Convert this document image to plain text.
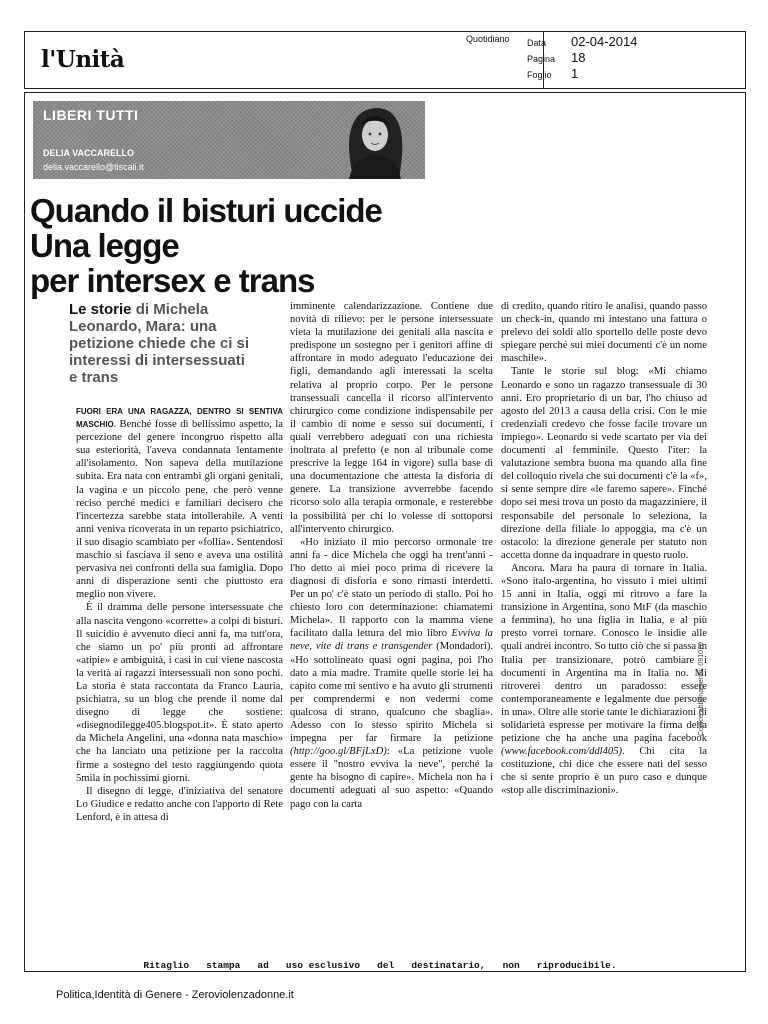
l'Unità
Quotidiano Data 02-04-2014
Pagina 18
Foglio 1
LIBERI TUTTI
DELIA VACCARELLO
delia.vaccarello@tiscali.it
Quando il bisturi uccide
Una legge
per intersex e trans
Le storie di Michela Leonardo, Mara: una petizione chiede che ci si interessi di intersessuati e trans

FUORI ERA UNA RAGAZZA, DENTRO SI SENTIVA MASCHIO. Benché fosse di bellissimo aspetto, la percezione del genere incongruo rispetto alla sua esteriorità, l'aveva condannata lentamente all'isolamento. Non sapeva della mutilazione subita. Era nata con entrambi gli organi genitali, la vagina e un piccolo pene, che però venne reciso perché medici e familiari decisero che l'incertezza sarebbe stata intollerabile. A venti anni veniva ricoverata in un reparto psichiatrico, il suo disagio scambiato per «follia». Sentendosi maschio si fasciava il seno e aveva una ostilità pervasiva nei confronti della sua famiglia. Dopo anni di disperazione sentì che piuttosto era meglio non vivere.

È il dramma delle persone intersessuate che alla nascita vengono «corrette» a colpi di bisturi. Il suicidio è avvenuto dieci anni fa, ma tutt'ora, che siamo un po' più pronti ad affrontare «atipie» e ambiguità, i casi in cui viene nascosta la verità ai ragazzi intersessuali non sono pochi. La storia è stata raccontata da Franco Lauria, psichiatra, su un blog che prende il nome dal disegno di legge che sostiene: «disegnodilegge405.blogspot.it». È stato aperto da Michela Angelini, una «donna nata maschio» che ha lanciato una petizione per la raccolta firme a sostegno del testo raggiungendo quota 5mila in pochissimi giorni.

Il disegno di legge, d'iniziativa del senatore Lo Giudice e redatto anche con l'apporto di Rete Lenford, è in attesa di

imminente calendarizzazione. Contiene due novità di rilievo: per le persone intersessuate vieta la mutilazione dei genitali alla nascita e predispone un sostegno per i genitori affine di affrontare in modo adeguato l'educazione dei figli, demandando agli interessati la scelta relativa al proprio corpo. Per le persone transessuali cancella il ricorso all'intervento chirurgico come condizione indispensabile per il cambio di nome e sesso sui documenti, i quali verrebbero adeguati con una richiesta inoltrata al prefetto (e non al tribunale come prescrive la legge 164 in vigore) sulla base di una documentazione che attesta la disforia di genere. La transizione avverrebbe facendo ricorso solo alla terapia ormonale, e resterebbe la possibilità per chi lo volesse di sottoporsi all'intervento chirurgico.

«Ho iniziato il mio percorso ormonale tre anni fa - dice Michela che oggi ha trent'anni - l'ho detto ai miei poco prima di ricevere la diagnosi di disforia e sono rimasti interdetti. Per un po' c'è stato un periodo di stallo. Poi ho chiesto loro con determinazione: chiamatemi Michela». Il rapporto con la mamma viene facilitato dalla lettura del mio libro Evviva la neve, vite di trans e transgender (Mondadori). «Ho sottolineato quasi ogni pagina, poi l'ho dato a mia madre. Tramite quelle storie lei ha capito come mi sentivo e ha avuto gli strumenti per comprendermi e non vedermi come qualcosa di strano, qualcuno che sbaglia». Adesso con lo stesso spirito Michela si impegna per far firmare la petizione (http://goo.gl/BFjLxD): «La petizione vuole essere il "nostro evviva la neve", perché la gente ha bisogno di capire». Michela non ha i documenti adeguati al suo aspetto: «Quando pago con la carta

di credito, quando ritiro le analisi, quando passo un check-in, quando mi intestano una fattura o prelevo dei soldi allo sportello delle poste devo spiegare perché sui miei documenti c'è un nome maschile».

Tante le storie sul blog: «Mi chiamo Leonardo e sono un ragazzo transessuale di 30 anni. Ero proprietario di un bar, l'ho chiuso ad agosto del 2013 a causa della crisi. Con le mie credenziali credevo che fosse facile trovare un impiego». Leonardo si vede scartato per via dei documenti al femminile. Questo l'iter: la valutazione sembra buona ma quando alla fine del colloquio rivela che sui documenti c'è la «f», si sente sempre dire «le faremo sapere». Finché dopo sei mesi trova un posto da magazziniere, il responsabile del personale lo seleziona, la direzione della filiale lo appoggia, ma c'è un ostacolo: la direzione generale per statuto non accetta donne da inquadrare in questo ruolo.

Ancora. Mara ha paura di tornare in Italia. «Sono italo-argentina, ho vissuto i miei ultimi 15 anni in Italia, oggi mi ritrovo a fare la transizione in Argentina, sono MtF (da maschio a femmina), ho una figlia in Italia, e al più presto vorrei tornare. Conosco le insidie alle quali andrei incontro. So tutto ciò che si passa in Italia per transizionare, potrò cambiare i documenti in Argentina ma in Italia no. Mi ritroverei dentro un paradosso: essere contemporaneamente e legalmente due persone in una». Oltre alle storie tante le dichiarazioni di solidarietà espresse per motivare la firma della petizione che ha anche una pagina facebook (www.facebook.com/ddl405). Chi cita la costituzione, chi dice che essere nati del sesso che si sente proprio è un puro caso e dunque «stop alle discriminazioni».

Codice abbonamento: 091070
Ritaglio   stampa   ad   uso esclusivo   del   destinatario,   non   riproducibile.
Politica,Identità di Genere - Zeroviolenzadonne.it
